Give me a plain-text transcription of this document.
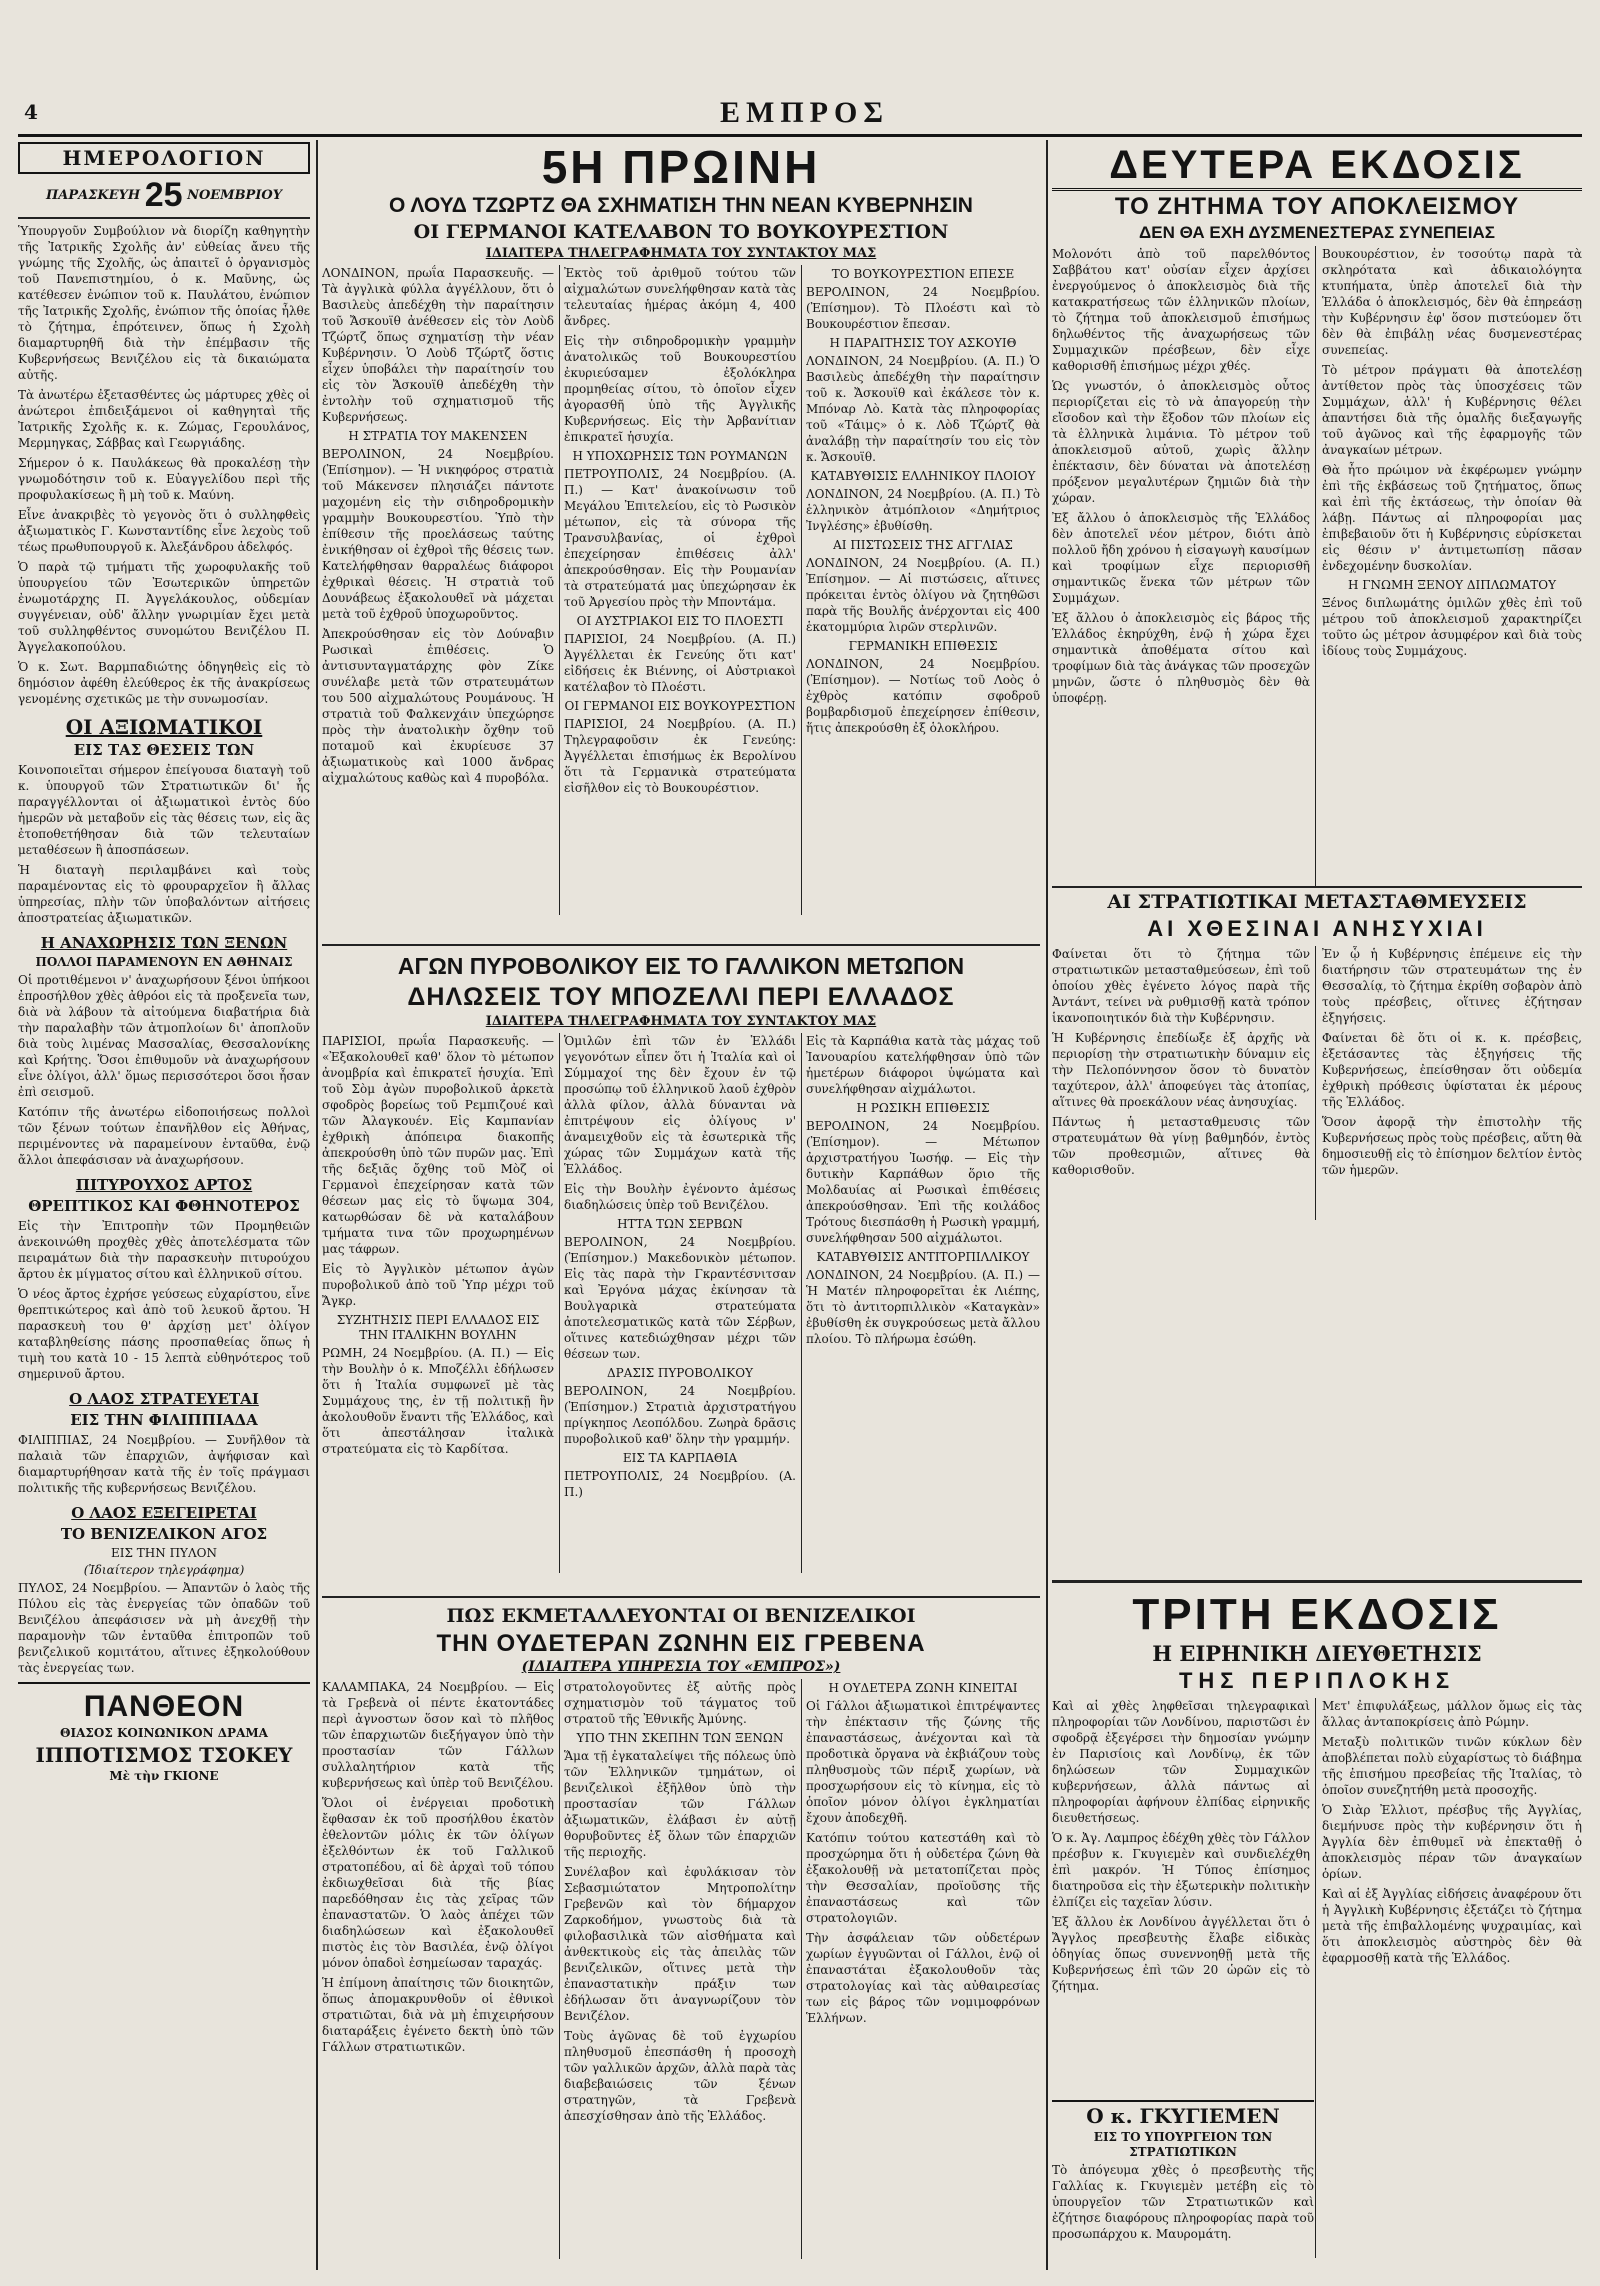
4	ΕΜΠΡΟΣ
ΗΜΕΡΟΛΟΓΙΟΝ
ΠΑΡΑΣΚΕΥΗ 25 ΝΟΕΜΒΡΙΟΥ

Ὑπουργοῦν Συμβούλιον νὰ διορίζη καθηγητὴν τῆς Ἰατρικῆς Σχολῆς ἀν' εὐθείας ἄνευ τῆς γνώμης τῆς Σχολῆς, ὡς ἀπαιτεῖ ὁ ὀργανισμὸς τοῦ Πανεπιστημίου, ὁ κ. Μαῦνης, ὡς κατέθεσεν ἐνώπιον τοῦ κ. Παυλάτου, ἐνώπιον τῆς Ἰατρικῆς Σχολῆς, ἐνώπιον τῆς ὁποίας ἦλθε τὸ ζήτημα, ἐπρότεινεν, ὅπως ἡ Σχολὴ διαμαρτυρηθῆ διὰ τὴν ἐπέμβασιν τῆς Κυβερνήσεως Βενιζέλου εἰς τὰ δικαιώματα αὐτῆς.

Τὰ ἀνωτέρω ἐξετασθέντες ὡς μάρτυρες χθὲς οἱ ἀνώτεροι ἐπιδειξάμενοι οἱ καθηγηταὶ τῆς Ἰατρικῆς Σχολῆς κ. κ. Ζώμας, Γερουλάνος, Μερμηγκας, Σάββας καὶ Γεωργιάδης.

Σήμερον ὁ κ. Παυλάκεως θὰ προκαλέσῃ τὴν γνωμοδότησιν τοῦ κ. Εὐαγγελίδου περὶ τῆς προφυλακίσεως ἢ μὴ τοῦ κ. Μαύνη.

Εἶνε ἀνακριβὲς τὸ γεγονὸς ὅτι ὁ συλληφθεὶς ἀξιωματικὸς Γ. Κωνσταντίδης εἶνε λεχοὺς τοῦ τέως πρωθυπουργοῦ κ. Ἀλεξάνδρου ἀδελφός.

Ὁ παρὰ τῷ τμήματι τῆς χωροφυλακῆς τοῦ ὑπουργείου τῶν Ἐσωτερικῶν ὑπηρετῶν ἐνωμοτάρχης Π. Ἀγγελάκουλος, οὐδεμίαν συγγένειαν, οὐδ' ἄλλην γνωριμίαν ἔχει μετὰ τοῦ συλληφθέντος συνομώτου Βενιζέλου Π. Ἀγγελακοπούλου.

Ὁ κ. Σωτ. Βαρμπαδιώτης ὁδηγηθεὶς εἰς τὸ δημόσιον ἀφέθη ἐλεύθερος ἐκ τῆς ἀνακρίσεως γενομένης σχετικῶς με τὴν συνωμοσίαν.

ΟΙ ΑΞΙΩΜΑΤΙΚΟΙ
ΕΙΣ ΤΑΣ ΘΕΣΕΙΣ ΤΩΝ

Κοινοποιεῖται σήμερον ἐπείγουσα διαταγὴ τοῦ κ. ὑπουργοῦ τῶν Στρατιωτικῶν δι' ἧς παραγγέλλονται οἱ ἀξιωματικοὶ ἐντὸς δύο ἡμερῶν νὰ μεταβοῦν εἰς τὰς θέσεις των, εἰς ἃς ἐτοποθετήθησαν διὰ τῶν τελευταίων μεταθέσεων ἢ ἀποσπάσεων.

Ἡ διαταγὴ περιλαμβάνει καὶ τοὺς παραμένοντας εἰς τὸ φρουραρχεῖον ἢ ἄλλας ὑπηρεσίας, πλὴν τῶν ὑποβαλόντων αἰτήσεις ἀποστρατείας ἀξιωματικῶν.

Η ΑΝΑΧΩΡΗΣΙΣ ΤΩΝ ΞΕΝΩΝ
ΠΟΛΛΟΙ ΠΑΡΑΜΕΝΟΥΝ ΕΝ ΑΘΗΝΑΙΣ

Οἱ προτιθέμενοι ν' ἀναχωρήσουν ξένοι ὑπήκοοι ἐπροσήλθον χθὲς ἀθρόοι εἰς τὰ προξενεῖα των, διὰ νὰ λάβουν τὰ αἰτούμενα διαβατήρια διὰ τὴν παραλαβὴν τῶν ἀτμοπλοίων δι' ἀποπλοῦν διὰ τοὺς λιμένας Μασσαλίας, Θεσσαλονίκης καὶ Κρήτης. Ὅσοι ἐπιθυμοῦν νὰ ἀναχωρήσουν εἶνε ὀλίγοι, ἀλλ' ὅμως περισσότεροι ὅσοι ἦσαν ἐπὶ σεισμοῦ.

Κατόπιν τῆς ἀνωτέρω εἰδοποιήσεως πολλοὶ τῶν ξένων τούτων ἐπανῆλθον εἰς Ἀθήνας, περιμένοντες νὰ παραμείνουν ἐνταῦθα, ἐνῷ ἄλλοι ἀπεφάσισαν νὰ ἀναχωρήσουν.

ΠΙΤΥΡΟΥΧΟΣ ΑΡΤΟΣ
ΘΡΕΠΤΙΚΟΣ ΚΑΙ ΦΘΗΝΟΤΕΡΟΣ

Εἰς τὴν Ἐπιτροπὴν τῶν Προμηθειῶν ἀνεκοινώθη προχθὲς χθὲς ἀποτελέσματα τῶν πειραμάτων διὰ τὴν παρασκευὴν πιτυρούχου ἄρτου ἐκ μίγματος σίτου καὶ ἑλληνικοῦ σίτου.

Ὁ νέος ἄρτος ἐχρήσε γεύσεως εὐχαρίστου, εἶνε θρεπτικώτερος καὶ ἀπὸ τοῦ λευκοῦ ἄρτου. Ἡ παρασκευὴ του θ' ἀρχίσῃ μετ' ὀλίγον καταβληθείσης πάσης προσπαθείας ὅπως ἡ τιμὴ του κατὰ 10 - 15 λεπτὰ εὐθηνότερος τοῦ σημερινοῦ ἄρτου.

Ο ΛΑΟΣ ΣΤΡΑΤΕΥΕΤΑΙ
ΕΙΣ ΤΗΝ ΦΙΛΙΠΠΙΑΔΑ

ΦΙΛΙΠΠΙΑΣ, 24 Νοεμβρίου. — Συνῆλθον τὰ παλαιὰ τῶν ἐπαρχιῶν, ἀψήφισαν καὶ διαμαρτυρήθησαν κατὰ τῆς ἐν τοῖς πράγμασι πολιτικῆς τῆς κυβερνήσεως Βενιζέλου.

Ο ΛΑΟΣ ΕΞΕΓΕΙΡΕΤΑΙ
ΤΟ ΒΕΝΙΖΕΛΙΚΟΝ ΑΓΟΣ
ΕΙΣ ΤΗΝ ΠΥΛΟΝ
(Ἰδιαίτερον τηλεγράφημα)

ΠΥΛΟΣ, 24 Νοεμβρίου. — Ἀπαντῶν ὁ λαὸς τῆς Πύλου εἰς τὰς ἐνεργείας τῶν ὀπαδῶν τοῦ Βενιζέλου ἀπεφάσισεν νὰ μὴ ἀνεχθῇ τὴν παραμονὴν τῶν ἐνταῦθα ἐπιτροπῶν τοῦ βενιζελικοῦ κομιτάτου, αἵτινες ἐξηκολούθουν τὰς ἐνεργείας των.

ΠΑΝΘΕΟΝ
ΘΙΑΣΟΣ ΚΟΙΝΩΝΙΚΟΝ ΔΡΑΜΑ
ΙΠΠΟΤΙΣΜΟΣ ΤΣΟΚΕΥ
Μὲ τὴν ΓΚΙΟΝΕ
5Η ΠΡΩΙΝΗ
Ο ΛΟΥΔ ΤΖΩΡΤΖ ΘΑ ΣΧΗΜΑΤΙΣΗ ΤΗΝ ΝΕΑΝ ΚΥΒΕΡΝΗΣΙΝ
ΟΙ ΓΕΡΜΑΝΟΙ ΚΑΤΕΛΑΒΟΝ ΤΟ ΒΟΥΚΟΥΡΕΣΤΙΟΝ
ΙΔΙΑΙΤΕΡΑ ΤΗΛΕΓΡΑΦΗΜΑΤΑ ΤΟΥ ΣΥΝΤΑΚΤΟΥ ΜΑΣ

ΛΟΝΔΙΝΟΝ, πρωΐα Παρασκευῆς. — Τὰ ἀγγλικὰ φύλλα ἀγγέλλουν, ὅτι ὁ Βασιλεὺς ἀπεδέχθη τὴν παραίτησιν τοῦ Ἄσκουϊθ ἀνέθεσεν εἰς τὸν Λοὺδ Τζώρτζ ὅπως σχηματίσῃ τὴν νέαν Κυβέρνησιν. Ὁ Λοὺδ Τζώρτζ ὅστις εἶχεν ὑποβάλει τὴν παραίτησίν του εἰς τὸν Ἄσκουϊθ ἀπεδέχθη τὴν ἐντολὴν τοῦ σχηματισμοῦ τῆς Κυβερνήσεως.

Η ΣΤΡΑΤΙΑ ΤΟΥ ΜΑΚΕΝΣΕΝ

ΒΕΡΟΛΙΝΟΝ, 24 Νοεμβρίου. (Ἐπίσημον). — Ἡ νικηφόρος στρατιὰ τοῦ Μάκενσεν πλησιάζει πάντοτε μαχομένη εἰς τὴν σιδηροδρομικὴν γραμμὴν Βουκουρεστίου. Ὑπὸ τὴν ἐπίθεσιν τῆς προελάσεως ταύτης ἐνικήθησαν οἱ ἐχθροὶ τῆς θέσεις των. Κατελήφθησαν θαρραλέως διάφοροι ἐχθρικαὶ θέσεις. Ἡ στρατιὰ τοῦ Δουνάβεως ἐξακολουθεῖ νὰ μάχεται μετὰ τοῦ ἐχθροῦ ὑποχωροῦντος.

Ἀπεκρούσθησαν εἰς τὸν Δούναβιν Ρωσικαὶ ἐπιθέσεις. Ὁ ἀντισυνταγματάρχης φὸν Ζίκε συνέλαβε μετὰ τῶν στρατευμάτων του 500 αἰχμαλώτους Ρουμάνους. Ἡ στρατιὰ τοῦ Φαλκενχάιν ὑπεχώρησε πρὸς τὴν ἀνατολικὴν ὄχθην τοῦ ποταμοῦ καὶ ἐκυρίευσε 37 ἀξιωματικοὺς καὶ 1000 ἄνδρας αἰχμαλώτους καθὼς καὶ 4 πυροβόλα.

Ἐκτὸς τοῦ ἀριθμοῦ τούτου τῶν αἰχμαλώτων συνελήφθησαν κατὰ τὰς τελευταίας ἡμέρας ἀκόμη 4, 400 ἄνδρες.

Εἰς τὴν σιδηροδρομικὴν γραμμὴν ἀνατολικῶς τοῦ Βουκουρεστίου ἐκυριεύσαμεν ἐξολόκληρα προμηθείας σίτου, τὸ ὁποῖον εἶχεν ἀγορασθῆ ὑπὸ τῆς Ἀγγλικῆς Κυβερνήσεως. Εἰς τὴν Ἀρβανίτιαν ἐπικρατεῖ ἡσυχία.

Η ΥΠΟΧΩΡΗΣΙΣ ΤΩΝ ΡΟΥΜΑΝΩΝ

ΠΕΤΡΟΥΠΟΛΙΣ, 24 Νοεμβρίου. (Α. Π.) — Κατ' ἀνακοίνωσιν τοῦ Μεγάλου Ἐπιτελείου, εἰς τὸ Ρωσικὸν μέτωπον, εἰς τὰ σύνορα τῆς Τρανσυλβανίας, οἱ ἐχθροὶ ἐπεχείρησαν ἐπιθέσεις ἀλλ' ἀπεκρούσθησαν. Εἰς τὴν Ρουμανίαν τὰ στρατεύματά μας ὑπεχώρησαν ἐκ τοῦ Ἀργεσίου πρὸς τὴν Μποντάμα.

ΟΙ ΑΥΣΤΡΙΑΚΟΙ ΕΙΣ ΤΟ ΠΛΟΕΣΤΙ

ΠΑΡΙΣΙΟΙ, 24 Νοεμβρίου. (Α. Π.) Ἀγγέλλεται ἐκ Γενεύης ὅτι κατ' εἰδήσεις ἐκ Βιέννης, οἱ Αὐστριακοὶ κατέλαβον τὸ Πλοέστι.

ΟΙ ΓΕΡΜΑΝΟΙ ΕΙΣ ΒΟΥΚΟΥΡΕΣΤΙΟΝ

ΠΑΡΙΣΙΟΙ, 24 Νοεμβρίου. (Α. Π.) Τηλεγραφοῦσιν ἐκ Γενεύης: Ἀγγέλλεται ἐπισήμως ἐκ Βερολίνου ὅτι τὰ Γερμανικὰ στρατεύματα εἰσῆλθον εἰς τὸ Βουκουρέστιον.

ΤΟ ΒΟΥΚΟΥΡΕΣΤΙΟΝ ΕΠΕΣΕ

ΒΕΡΟΛΙΝΟΝ, 24 Νοεμβρίου. (Ἐπίσημον). Τὸ Πλοέστι καὶ τὸ Βουκουρέστιον ἔπεσαν.

Η ΠΑΡΑΙΤΗΣΙΣ ΤΟΥ ΑΣΚΟΥΙΘ

ΛΟΝΔΙΝΟΝ, 24 Νοεμβρίου. (Α. Π.) Ὁ Βασιλεὺς ἀπεδέχθη τὴν παραίτησιν τοῦ κ. Ἄσκουϊθ καὶ ἐκάλεσε τὸν κ. Μπόναρ Λὸ. Κατὰ τὰς πληροφορίας τοῦ «Τάιμς» ὁ κ. Λὸδ Τζώρτζ θὰ ἀναλάβῃ τὴν παραίτησίν του εἰς τὸν κ. Ἄσκουϊθ.

ΚΑΤΑΒΥΘΙΣΙΣ ΕΛΛΗΝΙΚΟΥ ΠΛΟΙΟΥ

ΛΟΝΔΙΝΟΝ, 24 Νοεμβρίου. (Α. Π.) Τὸ ἑλληνικὸν ἀτμόπλοιον «Δημήτριος Ἰνγλέσης» ἐβυθίσθη.

ΑΙ ΠΙΣΤΩΣΕΙΣ ΤΗΣ ΑΓΓΛΙΑΣ

ΛΟΝΔΙΝΟΝ, 24 Νοεμβρίου. (Α. Π.) Ἐπίσημον. — Αἱ πιστώσεις, αἵτινες πρόκειται ἐντὸς ὀλίγου νὰ ζητηθῶσι παρὰ τῆς Βουλῆς ἀνέρχονται εἰς 400 ἑκατομμύρια λιρῶν στερλινῶν.

ΓΕΡΜΑΝΙΚΗ ΕΠΙΘΕΣΙΣ

ΛΟΝΔΙΝΟΝ, 24 Νοεμβρίου. (Ἐπίσημον). — Νοτίως τοῦ Λοὸς ὁ ἐχθρὸς κατόπιν σφοδροῦ βομβαρδισμοῦ ἐπεχείρησεν ἐπίθεσιν, ἥτις ἀπεκρούσθη ἐξ ὁλοκλήρου.

ΑΓΩΝ ΠΥΡΟΒΟΛΙΚΟΥ ΕΙΣ ΤΟ ΓΑΛΛΙΚΟΝ ΜΕΤΩΠΟΝ
ΔΗΛΩΣΕΙΣ ΤΟΥ ΜΠΟΖΕΛΛΙ ΠΕΡΙ ΕΛΛΑΔΟΣ
ΙΔΙΑΙΤΕΡΑ ΤΗΛΕΓΡΑΦΗΜΑΤΑ ΤΟΥ ΣΥΝΤΑΚΤΟΥ ΜΑΣ

ΠΑΡΙΣΙΟΙ, πρωΐα Παρασκευῆς. — «Ἐξακολουθεῖ καθ' ὅλον τὸ μέτωπον ἀνομβρία καὶ ἐπικρατεῖ ἡσυχία. Ἐπὶ τοῦ Σὸμ ἀγὼν πυροβολικοῦ ἀρκετὰ σφοδρὸς βορείως τοῦ Ρεμπιζουέ καὶ τῶν Ἀλαγκουέν. Εἰς Καμπανίαν ἐχθρικὴ ἀπόπειρα διακοπῆς ἀπεκρούσθη ὑπὸ τῶν πυρῶν μας. Ἐπὶ τῆς δεξιᾶς ὄχθης τοῦ Μὸζ οἱ Γερμανοὶ ἐπεχείρησαν κατὰ τῶν θέσεων μας εἰς τὸ ὕψωμα 304, κατωρθώσαν δὲ νὰ καταλάβουν τμήματα τινα τῶν προχωρημένων μας τάφρων.

Εἰς τὸ Ἀγγλικὸν μέτωπον ἀγὼν πυροβολικοῦ ἀπὸ τοῦ Ὑπρ μέχρι τοῦ Ἄγκρ.

ΣΥΖΗΤΗΣΙΣ ΠΕΡΙ ΕΛΛΑΔΟΣ ΕΙΣ ΤΗΝ ΙΤΑΛΙΚΗΝ ΒΟΥΛΗΝ

ΡΩΜΗ, 24 Νοεμβρίου. (Α. Π.) — Εἰς τὴν Βουλὴν ὁ κ. Μποζέλλι ἐδήλωσεν ὅτι ἡ Ἰταλία συμφωνεῖ μὲ τὰς Συμμάχους της, ἐν τῇ πολιτικῇ ἣν ἀκολουθοῦν ἔναντι τῆς Ἑλλάδος, καὶ ὅτι ἀπεστάλησαν ἰταλικὰ στρατεύματα εἰς τὸ Καρδίτσα.

Ὁμιλῶν ἐπὶ τῶν ἐν Ἑλλάδι γεγονότων εἶπεν ὅτι ἡ Ἰταλία καὶ οἱ Σύμμαχοί της δὲν ἔχουν ἐν τῷ προσώπῳ τοῦ ἑλληνικοῦ λαοῦ ἐχθρὸν ἀλλὰ φίλον, ἀλλὰ δύνανται νὰ ἐπιτρέψουν εἰς ὀλίγους ν' ἀναμειχθοῦν εἰς τὰ ἐσωτερικὰ τῆς χώρας τῶν Συμμάχων κατὰ τῆς Ἑλλάδος.

Εἰς τὴν Βουλὴν ἐγένοντο ἀμέσως διαδηλώσεις ὑπὲρ τοῦ Βενιζέλου.

ΗΤΤΑ ΤΩΝ ΣΕΡΒΩΝ

ΒΕΡΟΛΙΝΟΝ, 24 Νοεμβρίου. (Ἐπίσημον.) Μακεδονικὸν μέτωπον. Εἰς τὰς παρὰ τὴν Γκραντέσνιτσαν καὶ Ἐργόνα μάχας ἐκίνησαν τὰ Βουλγαρικὰ στρατεύματα ἀποτελεσματικῶς κατὰ τῶν Σέρβων, οἵτινες κατεδιώχθησαν μέχρι τῶν θέσεων των.

ΔΡΑΣΙΣ ΠΥΡΟΒΟΛΙΚΟΥ

ΒΕΡΟΛΙΝΟΝ, 24 Νοεμβρίου. (Ἐπίσημον.) Στρατιὰ ἀρχιστρατήγου πρίγκηπος Λεοπόλδου. Ζωηρὰ δρᾶσις πυροβολικοῦ καθ' ὅλην τὴν γραμμήν.

ΕΙΣ ΤΑ ΚΑΡΠΑΘΙΑ

ΠΕΤΡΟΥΠΟΛΙΣ, 24 Νοεμβρίου. (Α. Π.)

Εἰς τὰ Καρπάθια κατὰ τὰς μάχας τοῦ Ἰανουαρίου κατελήφθησαν ὑπὸ τῶν ἡμετέρων διάφοροι ὑψώματα καὶ συνελήφθησαν αἰχμάλωτοι.

Η ΡΩΣΙΚΗ ΕΠΙΘΕΣΙΣ

ΒΕΡΟΛΙΝΟΝ, 24 Νοεμβρίου. (Ἐπίσημον). — Μέτωπον ἀρχιστρατήγου Ἰωσήφ. — Εἰς τὴν δυτικὴν Καρπάθων ὅριο τῆς Μολδαυίας αἱ Ρωσικαὶ ἐπιθέσεις ἀπεκρούσθησαν. Ἐπὶ τῆς κοιλάδος Τρότους διεσπάσθη ἡ Ρωσικὴ γραμμή, συνελήφθησαν 500 αἰχμάλωτοι.

ΚΑΤΑΒΥΘΙΣΙΣ ΑΝΤΙΤΟΡΠΙΛΛΙΚΟΥ

ΛΟΝΔΙΝΟΝ, 24 Νοεμβρίου. (Α. Π.) — Ἡ Ματέν πληροφορεῖται ἐκ Λιέπης, ὅτι τὸ ἀντιτορπιλλικὸν «Καταγκὰν» ἐβυθίσθη ἐκ συγκρούσεως μετὰ ἄλλου πλοίου. Τὸ πλήρωμα ἐσώθη.

ΠΩΣ ΕΚΜΕΤΑΛΛΕΥΟΝΤΑΙ ΟΙ ΒΕΝΙΖΕΛΙΚΟΙ
ΤΗΝ ΟΥΔΕΤΕΡΑΝ ΖΩΝΗΝ ΕΙΣ ΓΡΕΒΕΝΑ
(ΙΔΙΑΙΤΕΡΑ ΥΠΗΡΕΣΙΑ ΤΟΥ «ΕΜΠΡΟΣ»)

ΚΑΛΑΜΠΑΚΑ, 24 Νοεμβρίου. — Εἰς τὰ Γρεβενὰ οἱ πέντε ἑκατοντάδες περὶ ἀγνοστων ὅσον καὶ τὸ πλῆθος τῶν ἐπαρχιωτῶν διεξήγαγον ὑπὸ τὴν προστασίαν τῶν Γάλλων συλλαλητήριον κατὰ τῆς κυβερνήσεως καὶ ὑπὲρ τοῦ Βενιζέλου.

Ὅλοι οἱ ἐνέργειαι προδοτικὴ ἔφθασαν ἐκ τοῦ προσήλθου ἑκατὸν ἐθελοντῶν μόλις ἐκ τῶν ὀλίγων ἐξελθόντων ἐκ τοῦ Γαλλικοῦ στρατοπέδου, αἱ δὲ ἀρχαὶ τοῦ τόπου ἐκδιωχθεῖσαι διὰ τῆς βίας παρεδόθησαν ἐις τὰς χεῖρας τῶν ἐπαναστατῶν. Ὁ λαὸς ἀπέχει τῶν διαδηλώσεων καὶ ἐξακολουθεῖ πιστὸς ἐις τὸν Βασιλέα, ἐνῷ ὀλίγοι μόνον ὁπαδοὶ ἐσημείωσαν ταραχάς.

Ἡ ἐπίμονη ἀπαίτησις τῶν διοικητῶν, ὅπως ἀπομακρυνθοῦν οἱ ἐθνικοὶ στρατιῶται, διὰ νὰ μὴ ἐπιχειρήσουν διαταράξεις ἐγένετο δεκτὴ ὑπὸ τῶν Γάλλων στρατιωτικῶν.

στρατολογοῦντες ἐξ αὐτῆς πρὸς σχηματισμὸν τοῦ τάγματος τοῦ στρατοῦ τῆς Ἐθνικῆς Ἀμύνης.

ΥΠΟ ΤΗΝ ΣΚΕΠΗΝ ΤΩΝ ΞΕΝΩΝ

Ἅμα τῇ ἐγκαταλείψει τῆς πόλεως ὑπὸ τῶν Ἑλληνικῶν τμημάτων, οἱ βενιζελικοὶ ἐξῆλθον ὑπὸ τὴν προστασίαν τῶν Γάλλων ἀξιωματικῶν, ἐλάβασι ἐν αὐτῇ θορυβοῦντες ἐξ ὅλων τῶν ἐπαρχιῶν τῆς περιοχῆς.

Συνέλαβον καὶ ἐφυλάκισαν τὸν Σεβασμιώτατον Μητροπολίτην Γρεβενῶν καὶ τὸν δήμαρχον Ζαρκοδήμον, γνωστοὺς διὰ τὰ φιλοβασιλικὰ τῶν αἰσθήματα καὶ ἀνθεκτικοὺς εἰς τὰς ἀπειλὰς τῶν βενιζελικῶν, οἵτινες μετὰ τὴν ἐπαναστατικὴν πράξιν των ἐδήλωσαν ὅτι ἀναγνωρίζουν τὸν Βενιζέλον.

Τοὺς ἀγῶνας δὲ τοῦ ἐγχωρίου πληθυσμοῦ ἐπεσπάσθη ἡ προσοχὴ τῶν γαλλικῶν ἀρχῶν, ἀλλὰ παρὰ τὰς διαβεβαιώσεις τῶν ξένων στρατηγῶν, τὰ Γρεβενὰ ἀπεσχίσθησαν ἀπὸ τῆς Ἑλλάδος.

Η ΟΥΔΕΤΕΡΑ ΖΩΝΗ ΚΙΝΕΙΤΑΙ

Οἱ Γάλλοι ἀξιωματικοὶ ἐπιτρέψαντες τὴν ἐπέκτασιν τῆς ζώνης τῆς ἐπαναστάσεως, ἀνέχονται καὶ τὰ προδοτικὰ ὄργανα νὰ ἐκβιάζουν τοὺς πληθυσμοὺς τῶν πέριξ χωρίων, νὰ προσχωρήσουν εἰς τὸ κίνημα, εἰς τὸ ὁποῖον μόνον ὀλίγοι ἐγκληματίαι ἔχουν ἀποδεχθῆ.

Κατόπιν τούτου κατεστάθη καὶ τὸ προσχώρημα ὅτι ἡ οὐδετέρα ζώνη θὰ ἐξακολουθῇ νὰ μετατοπίζεται πρὸς τὴν Θεσσαλίαν, προϊοῦσης τῆς ἐπαναστάσεως καὶ τῶν στρατολογιῶν.

Τὴν ἀσφάλειαν τῶν οὐδετέρων χωρίων ἐγγυῶνται οἱ Γάλλοι, ἐνῷ οἱ ἐπαναστάται ἐξακολουθοῦν τὰς στρατολογίας καὶ τὰς αὐθαιρεσίας των εἰς βάρος τῶν νομιμοφρόνων Ἑλλήνων.

ΔΕΥΤΕΡΑ ΕΚΔΟΣΙΣ
ΤΟ ΖΗΤΗΜΑ ΤΟΥ ΑΠΟΚΛΕΙΣΜΟΥ
ΔΕΝ ΘΑ ΕΧΗ ΔΥΣΜΕΝΕΣΤΕΡΑΣ ΣΥΝΕΠΕΙΑΣ

Μολονότι ἀπὸ τοῦ παρελθόντος Σαββάτου κατ' οὐσίαν εἶχεν ἀρχίσει ἐνεργούμενος ὁ ἀποκλεισμὸς διὰ τῆς κατακρατήσεως τῶν ἑλληνικῶν πλοίων, τὸ ζήτημα τοῦ ἀποκλεισμοῦ ἐπισήμως δηλωθέντος τῆς ἀναχωρήσεως τῶν Συμμαχικῶν πρέσβεων, δὲν εἶχε καθορισθῆ ἐπισήμως μέχρι χθές.

Ὡς γνωστόν, ὁ ἀποκλεισμὸς οὗτος περιορίζεται εἰς τὸ νὰ ἀπαγορεύῃ τὴν εἴσοδον καὶ τὴν ἔξοδον τῶν πλοίων εἰς τὰ ἑλληνικὰ λιμάνια. Τὸ μέτρον τοῦ ἀποκλεισμοῦ αὐτοῦ, χωρὶς ἄλλην ἐπέκτασιν, δὲν δύναται νὰ ἀποτελέσῃ πρόξενον μεγαλυτέρων ζημιῶν διὰ τὴν χώραν.

Ἐξ ἄλλου ὁ ἀποκλεισμὸς τῆς Ἑλλάδος δὲν ἀποτελεῖ νέον μέτρον, διότι ἀπὸ πολλοῦ ἤδη χρόνου ἡ εἰσαγωγὴ καυσίμων καὶ τροφίμων εἶχε περιορισθῆ σημαντικῶς ἕνεκα τῶν μέτρων τῶν Συμμάχων.

Ἐξ ἄλλου ὁ ἀποκλεισμὸς εἰς βάρος τῆς Ἑλλάδος ἐκηρύχθη, ἐνῷ ἡ χώρα ἔχει σημαντικὰ ἀποθέματα σίτου καὶ τροφίμων διὰ τὰς ἀνάγκας τῶν προσεχῶν μηνῶν, ὥστε ὁ πληθυσμὸς δὲν θὰ ὑποφέρῃ.

Βουκουρέστιον, ἐν τοσούτῳ παρὰ τὰ σκληρότατα καὶ ἀδικαιολόγητα κτυπήματα, ὑπὲρ ἀποτελεῖ διὰ τὴν Ἑλλάδα ὁ ἀποκλεισμός, δὲν θὰ ἐπηρεάσῃ τὴν Κυβέρνησιν ἐφ' ὅσον πιστεύομεν ὅτι δὲν θὰ ἐπιβάλῃ νέας δυσμενεστέρας συνεπείας.

Τὸ μέτρον πράγματι θὰ ἀποτελέσῃ ἀντίθετον πρὸς τὰς ὑποσχέσεις τῶν Συμμάχων, ἀλλ' ἡ Κυβέρνησις θέλει ἀπαντήσει διὰ τῆς ὁμαλῆς διεξαγωγῆς τοῦ ἀγῶνος καὶ τῆς ἐφαρμογῆς τῶν ἀναγκαίων μέτρων.

Θὰ ἦτο πρώιμον νὰ ἐκφέρωμεν γνώμην ἐπὶ τῆς ἐκβάσεως τοῦ ζητήματος, ὅπως καὶ ἐπὶ τῆς ἐκτάσεως, τὴν ὁποίαν θὰ λάβῃ. Πάντως αἱ πληροφορίαι μας ἐπιβεβαιοῦν ὅτι ἡ Κυβέρνησις εὑρίσκεται εἰς θέσιν ν' ἀντιμετωπίσῃ πᾶσαν ἐνδεχομένην δυσκολίαν.

Η ΓΝΩΜΗ ΞΕΝΟΥ ΔΙΠΛΩΜΑΤΟΥ

Ξένος διπλωμάτης ὁμιλῶν χθὲς ἐπὶ τοῦ μέτρου τοῦ ἀποκλεισμοῦ χαρακτηρίζει τοῦτο ὡς μέτρον ἀσυμφέρον καὶ διὰ τοὺς ἰδίους τοὺς Συμμάχους.

ΑΙ ΣΤΡΑΤΙΩΤΙΚΑΙ ΜΕΤΑΣΤΑΘΜΕΥΣΕΙΣ
ΑΙ ΧΘΕΣΙΝΑΙ ΑΝΗΣΥΧΙΑΙ

Φαίνεται ὅτι τὸ ζήτημα τῶν στρατιωτικῶν μετασταθμεύσεων, ἐπὶ τοῦ ὁποίου χθὲς ἐγένετο λόγος παρὰ τῆς Ἀντάντ, τείνει νὰ ρυθμισθῇ κατὰ τρόπον ἱκανοποιητικόν διὰ τὴν Κυβέρνησιν.

Ἡ Κυβέρνησις ἐπεδίωξε ἐξ ἀρχῆς νὰ περιορίσῃ τὴν στρατιωτικὴν δύναμιν εἰς τὴν Πελοπόννησον ὅσον τὸ δυνατὸν ταχύτερον, ἀλλ' ἀποφεύγει τὰς ἀτοπίας, αἵτινες θὰ προεκάλουν νέας ἀνησυχίας.

Πάντως ἡ μετασταθμευσις τῶν στρατευμάτων θὰ γίνῃ βαθμηδόν, ἐντὸς τῶν προθεσμιῶν, αἵτινες θὰ καθορισθοῦν.

Ἐν ᾧ ἡ Κυβέρνησις ἐπέμεινε εἰς τὴν διατήρησιν τῶν στρατευμάτων της ἐν Θεσσαλίᾳ, τὸ ζήτημα ἐκρίθη σοβαρὸν ἀπὸ τοὺς πρέσβεις, οἵτινες ἐζήτησαν ἐξηγήσεις.

Φαίνεται δὲ ὅτι οἱ κ. κ. πρέσβεις, ἐξετάσαντες τὰς ἐξηγήσεις τῆς Κυβερνήσεως, ἐπείσθησαν ὅτι οὐδεμία ἐχθρικὴ πρόθεσις ὑφίσταται ἐκ μέρους τῆς Ἑλλάδος.

Ὅσον ἀφορᾷ τὴν ἐπιστολὴν τῆς Κυβερνήσεως πρὸς τοὺς πρέσβεις, αὕτη θὰ δημοσιευθῇ εἰς τὸ ἐπίσημον δελτίον ἐντὸς τῶν ἡμερῶν.

ΤΡΙΤΗ ΕΚΔΟΣΙΣ
Η ΕΙΡΗΝΙΚΗ ΔΙΕΥΘΕΤΗΣΙΣ
ΤΗΣ ΠΕΡΙΠΛΟΚΗΣ

Καὶ αἱ χθὲς ληφθεῖσαι τηλεγραφικαὶ πληροφορίαι τῶν Λονδίνου, παριστῶσι ἐν σφοδρᾷ ἐξεγέρσει τὴν δημοσίαν γνώμην ἐν Παρισίοις καὶ Λονδίνῳ, ἐκ τῶν δηλώσεων τῶν Συμμαχικῶν κυβερνήσεων, ἀλλὰ πάντως αἱ πληροφορίαι ἀφήνουν ἐλπίδας εἰρηνικῆς διευθετήσεως.

Ὁ κ. Ἀγ. Λαμπρος ἐδέχθη χθὲς τὸν Γάλλον πρέσβυν κ. Γκυγιεμὲν καὶ συνδιελέχθη ἐπὶ μακρόν. Ἡ Τύπος ἐπίσημος διατηροῦσα εἰς τὴν ἐξωτερικὴν πολιτικὴν ἐλπίζει εἰς ταχεῖαν λύσιν.

Ἐξ ἄλλου ἐκ Λονδίνου ἀγγέλλεται ὅτι ὁ Ἄγγλος πρεσβευτὴς ἔλαβε εἰδικὰς ὁδηγίας ὅπως συνεννοηθῇ μετὰ τῆς Κυβερνήσεως ἐπὶ τῶν 20 ὡρῶν εἰς τὸ ζήτημα.

Μετ' ἐπιφυλάξεως, μάλλον ὅμως εἰς τὰς ἄλλας ἀνταποκρίσεις ἀπὸ Ρώμην.

Μεταξὺ πολιτικῶν τινῶν κύκλων δὲν ἀποβλέπεται πολὺ εὐχαρίστως τὸ διάβημα τῆς ἐπισήμου πρεσβείας τῆς Ἰταλίας, τὸ ὁποῖον συνεζητήθη μετὰ προσοχῆς.

Ὁ Σιὰρ Ἐλλιοτ, πρέσβυς τῆς Ἀγγλίας, διεμήνυσε πρὸς τὴν κυβέρνησιν ὅτι ἡ Ἀγγλία δὲν ἐπιθυμεῖ νὰ ἐπεκταθῇ ὁ ἀποκλεισμὸς πέραν τῶν ἀναγκαίων ὁρίων.

Καὶ αἱ ἐξ Ἀγγλίας εἰδήσεις ἀναφέρουν ὅτι ἡ Ἀγγλικὴ Κυβέρνησις ἐξετάζει τὸ ζήτημα μετὰ τῆς ἐπιβαλλομένης ψυχραιμίας, καὶ ὅτι ἀποκλεισμὸς αὐστηρὸς δὲν θὰ ἐφαρμοσθῇ κατὰ τῆς Ἑλλάδος.

Ο κ. ΓΚΥΓΙΕΜΕΝ
ΕΙΣ ΤΟ ΥΠΟΥΡΓΕΙΟΝ ΤΩΝ ΣΤΡΑΤΙΩΤΙΚΩΝ

Τὸ ἀπόγευμα χθὲς ὁ πρεσβευτὴς τῆς Γαλλίας κ. Γκυγιεμὲν μετέβη εἰς τὸ ὑπουργεῖον τῶν Στρατιωτικῶν καὶ ἐζήτησε διαφόρους πληροφορίας παρὰ τοῦ προσωπάρχου κ. Μαυρομάτη.
